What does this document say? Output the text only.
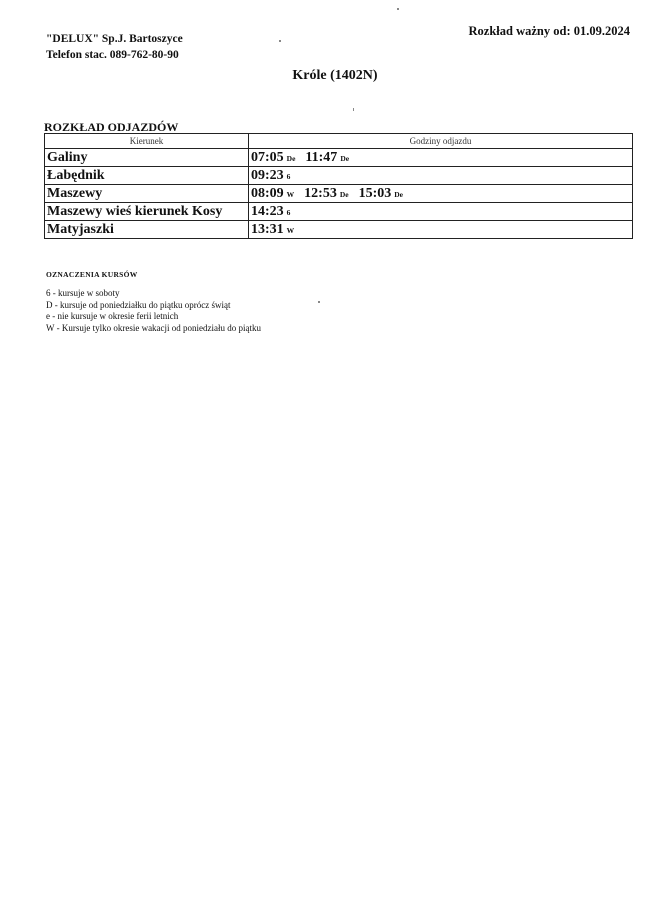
"DELUX" Sp.J. Bartoszyce
Telefon stac. 089-762-80-90
Rozkład ważny od: 01.09.2024
Króle (1402N)
ROZKŁAD ODJAZDÓW
Kierunek	Godziny odjazdu
Galiny	07:05 De 11:47 De
Łabędnik	09:23 6
Maszewy	08:09 W 12:53 De 15:03 De
Maszewy wieś kierunek Kosy	14:23 6
Matyjaszki	13:31 W
OZNACZENIA KURSÓW
6 - kursuje w soboty
D - kursuje od poniedziałku do piątku oprócz świąt
e - nie kursuje w okresie ferii letnich
W - Kursuje tylko okresie wakacji od poniedziału do piątku
